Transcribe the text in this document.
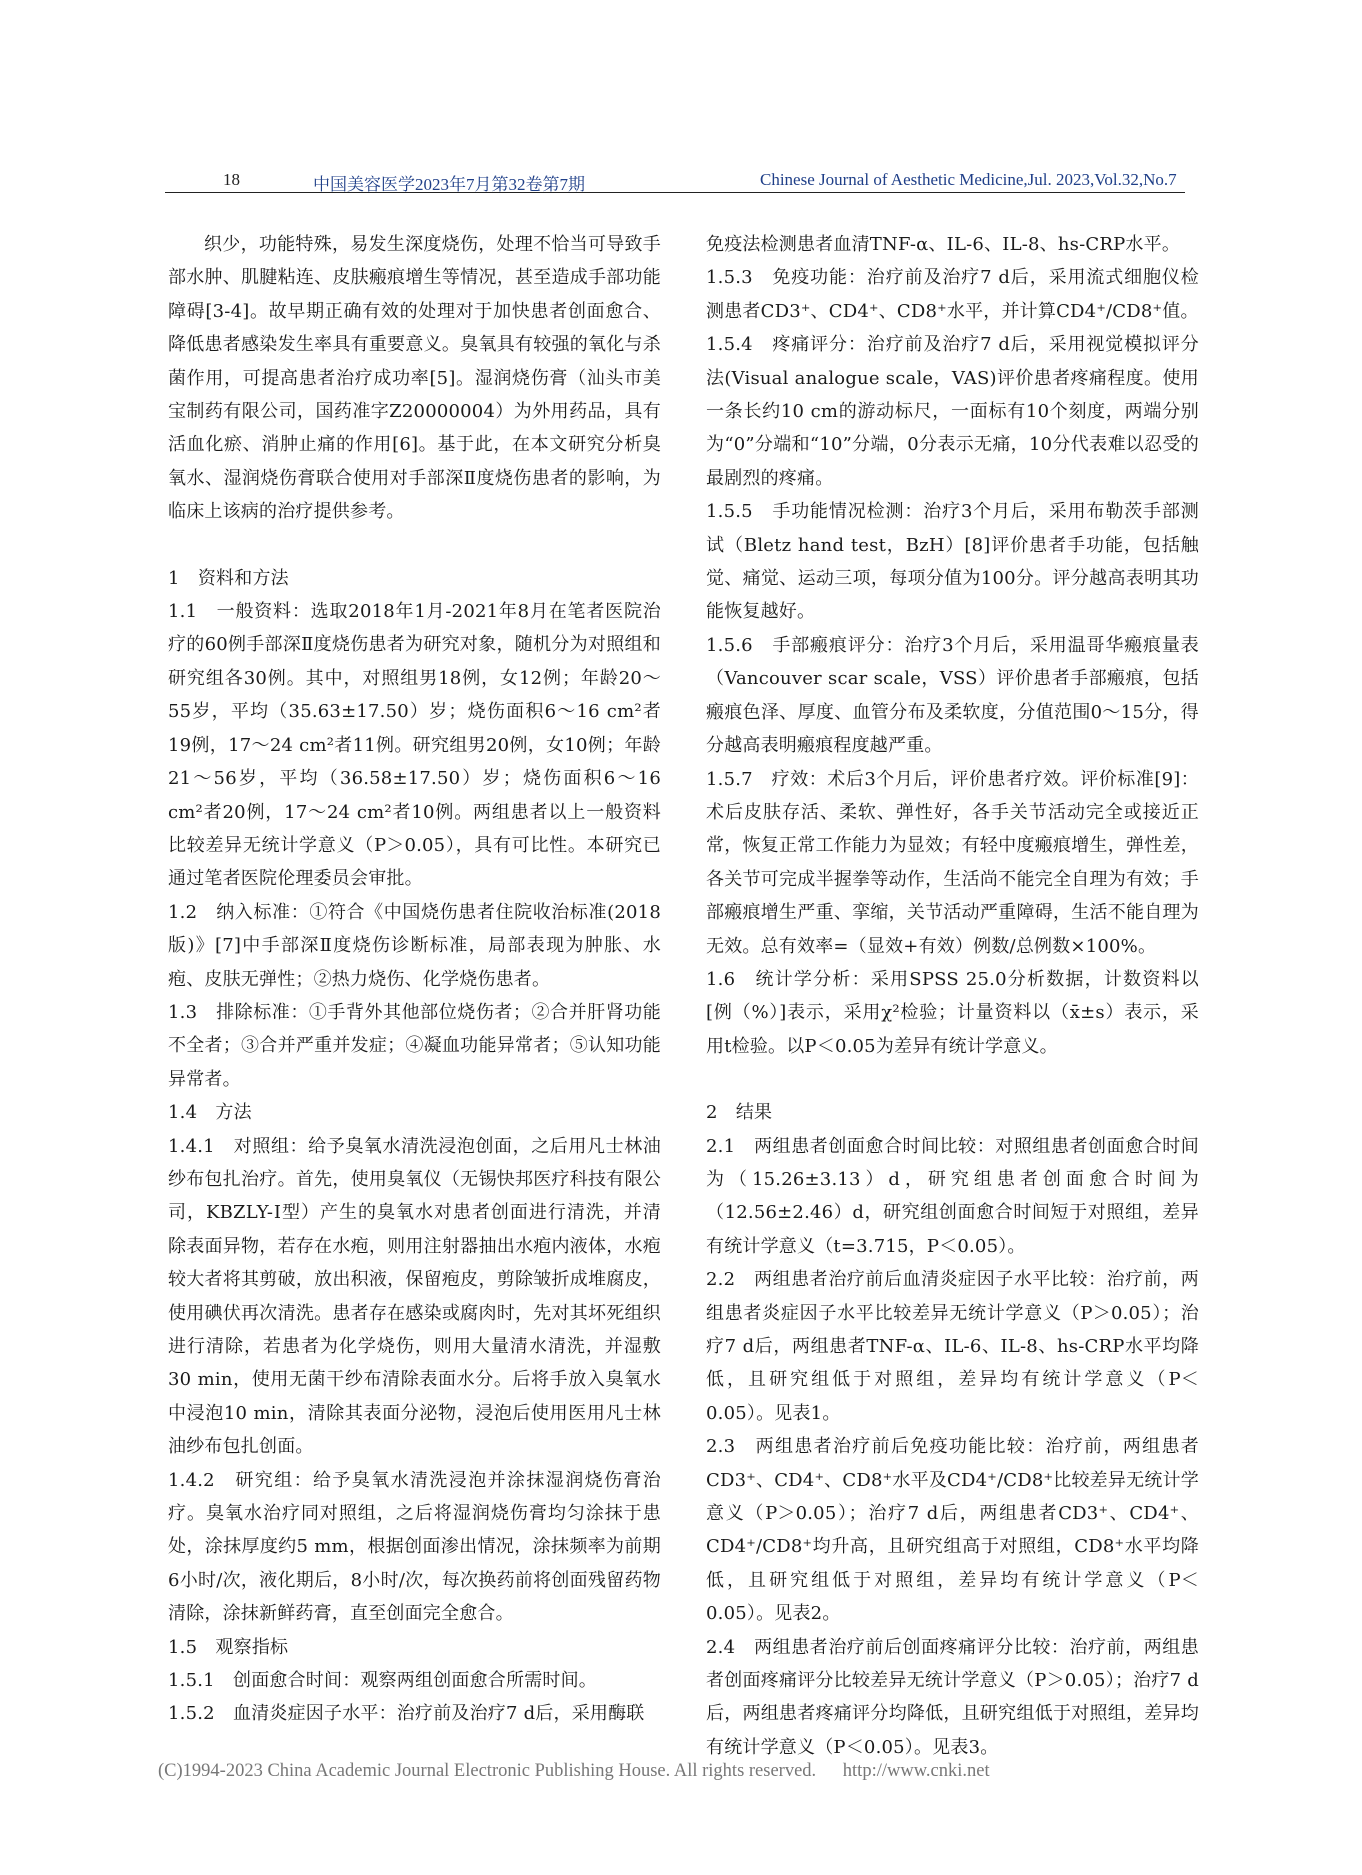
18	中国美容医学2023年7月第32卷第7期	Chinese Journal of Aesthetic Medicine,Jul. 2023,Vol.32,No.7

织少，功能特殊，易发生深度烧伤，处理不恰当可导致手部水肿、肌腱粘连、皮肤瘢痕增生等情况，甚至造成手部功能障碍[3-4]。故早期正确有效的处理对于加快患者创面愈合、降低患者感染发生率具有重要意义。臭氧具有较强的氧化与杀菌作用，可提高患者治疗成功率[5]。湿润烧伤膏（汕头市美宝制药有限公司，国药准字Z20000004）为外用药品，具有活血化瘀、消肿止痛的作用[6]。基于此，在本文研究分析臭氧水、湿润烧伤膏联合使用对手部深Ⅱ度烧伤患者的影响，为临床上该病的治疗提供参考。

1　资料和方法

1.1　一般资料：选取2018年1月-2021年8月在笔者医院治疗的60例手部深Ⅱ度烧伤患者为研究对象，随机分为对照组和研究组各30例。其中，对照组男18例，女12例；年龄20～55岁，平均（35.63±17.50）岁；烧伤面积6～16 cm²者19例，17～24 cm²者11例。研究组男20例，女10例；年龄21～56岁，平均（36.58±17.50）岁；烧伤面积6～16 cm²者20例，17～24 cm²者10例。两组患者以上一般资料比较差异无统计学意义（P＞0.05），具有可比性。本研究已通过笔者医院伦理委员会审批。

1.2　纳入标准：①符合《中国烧伤患者住院收治标准(2018版)》[7]中手部深Ⅱ度烧伤诊断标准，局部表现为肿胀、水疱、皮肤无弹性；②热力烧伤、化学烧伤患者。

1.3　排除标准：①手背外其他部位烧伤者；②合并肝肾功能不全者；③合并严重并发症；④凝血功能异常者；⑤认知功能异常者。

1.4　方法

1.4.1　对照组：给予臭氧水清洗浸泡创面，之后用凡士林油纱布包扎治疗。首先，使用臭氧仪（无锡快邦医疗科技有限公司，KBZLY-Ⅰ型）产生的臭氧水对患者创面进行清洗，并清除表面异物，若存在水疱，则用注射器抽出水疱内液体，水疱较大者将其剪破，放出积液，保留疱皮，剪除皱折成堆腐皮，使用碘伏再次清洗。患者存在感染或腐肉时，先对其坏死组织进行清除，若患者为化学烧伤，则用大量清水清洗，并湿敷30 min，使用无菌干纱布清除表面水分。后将手放入臭氧水中浸泡10 min，清除其表面分泌物，浸泡后使用医用凡士林油纱布包扎创面。

1.4.2　研究组：给予臭氧水清洗浸泡并涂抹湿润烧伤膏治疗。臭氧水治疗同对照组，之后将湿润烧伤膏均匀涂抹于患处，涂抹厚度约5 mm，根据创面渗出情况，涂抹频率为前期6小时/次，液化期后，8小时/次，每次换药前将创面残留药物清除，涂抹新鲜药膏，直至创面完全愈合。

1.5　观察指标

1.5.1　创面愈合时间：观察两组创面愈合所需时间。

1.5.2　血清炎症因子水平：治疗前及治疗7 d后，采用酶联

免疫法检测患者血清TNF-α、IL-6、IL-8、hs-CRP水平。

1.5.3　免疫功能：治疗前及治疗7 d后，采用流式细胞仪检测患者CD3⁺、CD4⁺、CD8⁺水平，并计算CD4⁺/CD8⁺值。

1.5.4　疼痛评分：治疗前及治疗7 d后，采用视觉模拟评分法(Visual analogue scale，VAS)评价患者疼痛程度。使用一条长约10 cm的游动标尺，一面标有10个刻度，两端分别为“0”分端和“10”分端，0分表示无痛，10分代表难以忍受的最剧烈的疼痛。

1.5.5　手功能情况检测：治疗3个月后，采用布勒茨手部测试（Bletz hand test，BzH）[8]评价患者手功能，包括触觉、痛觉、运动三项，每项分值为100分。评分越高表明其功能恢复越好。

1.5.6　手部瘢痕评分：治疗3个月后，采用温哥华瘢痕量表（Vancouver scar scale，VSS）评价患者手部瘢痕，包括瘢痕色泽、厚度、血管分布及柔软度，分值范围0～15分，得分越高表明瘢痕程度越严重。

1.5.7　疗效：术后3个月后，评价患者疗效。评价标准[9]：术后皮肤存活、柔软、弹性好，各手关节活动完全或接近正常，恢复正常工作能力为显效；有轻中度瘢痕增生，弹性差，各关节可完成半握拳等动作，生活尚不能完全自理为有效；手部瘢痕增生严重、挛缩，关节活动严重障碍，生活不能自理为无效。总有效率=（显效+有效）例数/总例数×100%。

1.6　统计学分析：采用SPSS 25.0分析数据，计数资料以[例（%）]表示，采用χ²检验；计量资料以（x̄±s）表示，采用t检验。以P＜0.05为差异有统计学意义。

2　结果

2.1　两组患者创面愈合时间比较：对照组患者创面愈合时间为（15.26±3.13）d，研究组患者创面愈合时间为（12.56±2.46）d，研究组创面愈合时间短于对照组，差异有统计学意义（t=3.715，P＜0.05）。

2.2　两组患者治疗前后血清炎症因子水平比较：治疗前，两组患者炎症因子水平比较差异无统计学意义（P＞0.05）；治疗7 d后，两组患者TNF-α、IL-6、IL-8、hs-CRP水平均降低，且研究组低于对照组，差异均有统计学意义（P＜0.05）。见表1。

2.3　两组患者治疗前后免疫功能比较：治疗前，两组患者CD3⁺、CD4⁺、CD8⁺水平及CD4⁺/CD8⁺比较差异无统计学意义（P＞0.05）；治疗7 d后，两组患者CD3⁺、CD4⁺、CD4⁺/CD8⁺均升高，且研究组高于对照组，CD8⁺水平均降低，且研究组低于对照组，差异均有统计学意义（P＜0.05）。见表2。

2.4　两组患者治疗前后创面疼痛评分比较：治疗前，两组患者创面疼痛评分比较差异无统计学意义（P＞0.05）；治疗7 d后，两组患者疼痛评分均降低，且研究组低于对照组，差异均有统计学意义（P＜0.05）。见表3。

(C)1994-2023 China Academic Journal Electronic Publishing House. All rights reserved. http://www.cnki.net
